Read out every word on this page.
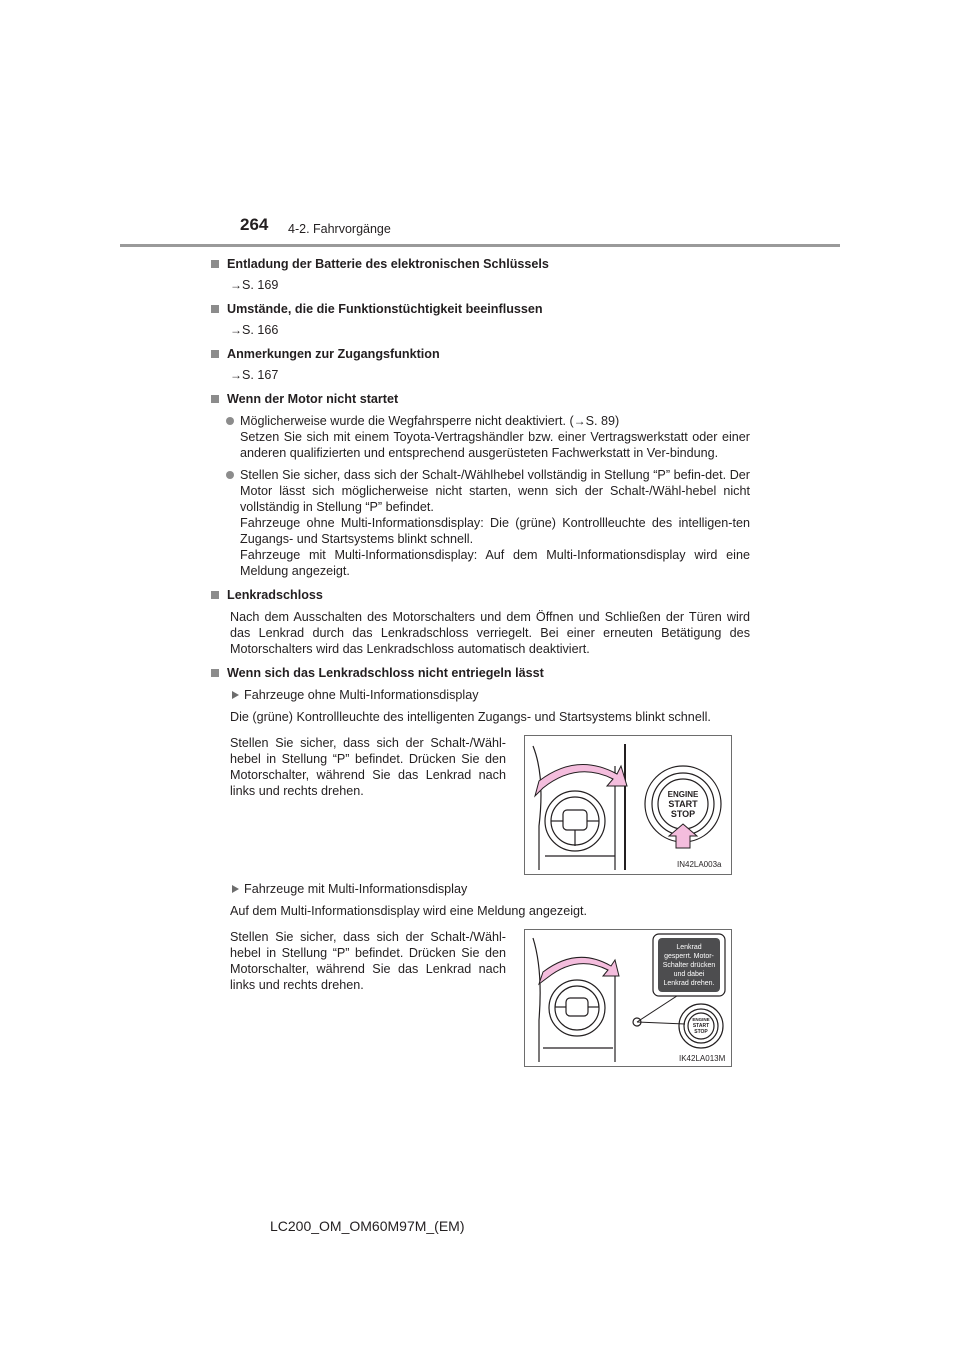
264 4-2. Fahrvorgänge
Entladung der Batterie des elektronischen Schlüssels
→S. 169
Umstände, die die Funktionstüchtigkeit beeinflussen
→S. 166
Anmerkungen zur Zugangsfunktion
→S. 167
Wenn der Motor nicht startet
Möglicherweise wurde die Wegfahrsperre nicht deaktiviert. (→S. 89)
Setzen Sie sich mit einem Toyota-Vertragshändler bzw. einer Vertragswerkstatt oder einer anderen qualifizierten und entsprechend ausgerüsteten Fachwerkstatt in Ver-bindung.
Stellen Sie sicher, dass sich der Schalt-/Wählhebel vollständig in Stellung “P” befin-det. Der Motor lässt sich möglicherweise nicht starten, wenn sich der Schalt-/Wähl-hebel nicht vollständig in Stellung “P” befindet.
Fahrzeuge ohne Multi-Informationsdisplay: Die (grüne) Kontrollleuchte des intelligen-ten Zugangs- und Startsystems blinkt schnell.
Fahrzeuge mit Multi-Informationsdisplay: Auf dem Multi-Informationsdisplay wird eine Meldung angezeigt.
Lenkradschloss
Nach dem Ausschalten des Motorschalters und dem Öffnen und Schließen der Türen wird das Lenkrad durch das Lenkradschloss verriegelt. Bei einer erneuten Betätigung des Motorschalters wird das Lenkradschloss automatisch deaktiviert.
Wenn sich das Lenkradschloss nicht entriegeln lässt
Fahrzeuge ohne Multi-Informationsdisplay
Die (grüne) Kontrollleuchte des intelligenten Zugangs- und Startsystems blinkt schnell.
Stellen Sie sicher, dass sich der Schalt-/Wähl-hebel in Stellung “P” befindet. Drücken Sie den Motorschalter, während Sie das Lenkrad nach links und rechts drehen.	ENGINE
START
STOP
IN42LA003a
Fahrzeuge mit Multi-Informationsdisplay
Auf dem Multi-Informationsdisplay wird eine Meldung angezeigt.
Stellen Sie sicher, dass sich der Schalt-/Wähl-hebel in Stellung “P” befindet. Drücken Sie den Motorschalter, während Sie das Lenkrad nach links und rechts drehen.
Lenkrad
gesperrt. Motor-
Schalter drücken
und dabei
Lenkrad drehen.
ENGINE
START
STOP
IK42LA013M
LC200_OM_OM60M97M_(EM)
